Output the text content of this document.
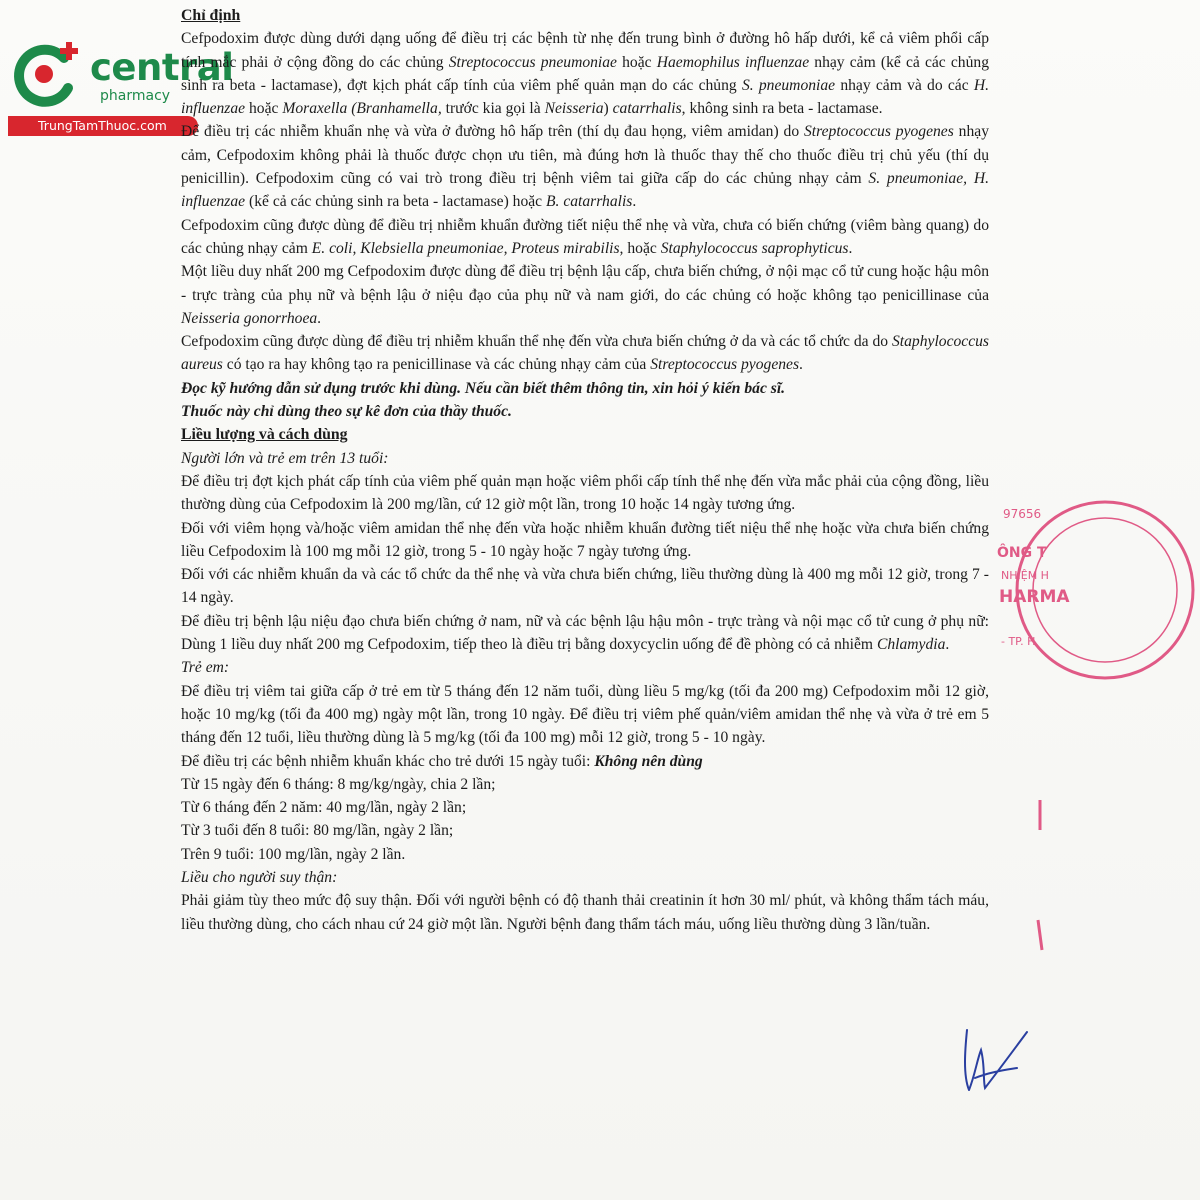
central
pharmacy
TrungTamThuoc.com
Chỉ định

Cefpodoxim được dùng dưới dạng uống để điều trị các bệnh từ nhẹ đến trung bình ở đường hô hấp dưới, kể cả viêm phổi cấp tính mắc phải ở cộng đồng do các chủng Streptococcus pneumoniae hoặc Haemophilus influenzae nhạy cảm (kể cả các chủng sinh ra beta - lactamase), đợt kịch phát cấp tính của viêm phế quản mạn do các chủng S. pneumoniae nhạy cảm và do các H. influenzae hoặc Moraxella (Branhamella, trước kia gọi là Neisseria) catarrhalis, không sinh ra beta - lactamase.

Để điều trị các nhiễm khuẩn nhẹ và vừa ở đường hô hấp trên (thí dụ đau họng, viêm amidan) do Streptococcus pyogenes nhạy cảm, Cefpodoxim không phải là thuốc được chọn ưu tiên, mà đúng hơn là thuốc thay thế cho thuốc điều trị chủ yếu (thí dụ penicillin). Cefpodoxim cũng có vai trò trong điều trị bệnh viêm tai giữa cấp do các chủng nhạy cảm S. pneumoniae, H. influenzae (kể cả các chủng sinh ra beta - lactamase) hoặc B. catarrhalis.

Cefpodoxim cũng được dùng để điều trị nhiễm khuẩn đường tiết niệu thể nhẹ và vừa, chưa có biến chứng (viêm bàng quang) do các chủng nhạy cảm E. coli, Klebsiella pneumoniae, Proteus mirabilis, hoặc Staphylococcus saprophyticus.

Một liều duy nhất 200 mg Cefpodoxim được dùng để điều trị bệnh lậu cấp, chưa biến chứng, ở nội mạc cổ tử cung hoặc hậu môn - trực tràng của phụ nữ và bệnh lậu ở niệu đạo của phụ nữ và nam giới, do các chủng có hoặc không tạo penicillinase của Neisseria gonorrhoea.

Cefpodoxim cũng được dùng để điều trị nhiễm khuẩn thể nhẹ đến vừa chưa biến chứng ở da và các tổ chức da do Staphylococcus aureus có tạo ra hay không tạo ra penicillinase và các chủng nhạy cảm của Streptococcus pyogenes.

Đọc kỹ hướng dẫn sử dụng trước khi dùng. Nếu cần biết thêm thông tin, xin hỏi ý kiến bác sĩ.

Thuốc này chỉ dùng theo sự kê đơn của thầy thuốc.

Liều lượng và cách dùng

Người lớn và trẻ em trên 13 tuổi:

Để điều trị đợt kịch phát cấp tính của viêm phế quản mạn hoặc viêm phổi cấp tính thể nhẹ đến vừa mắc phải của cộng đồng, liều thường dùng của Cefpodoxim là 200 mg/lần, cứ 12 giờ một lần, trong 10 hoặc 14 ngày tương ứng.

Đối với viêm họng và/hoặc viêm amidan thể nhẹ đến vừa hoặc nhiễm khuẩn đường tiết niệu thể nhẹ hoặc vừa chưa biến chứng liều Cefpodoxim là 100 mg mỗi 12 giờ, trong 5 - 10 ngày hoặc 7 ngày tương ứng.

Đối với các nhiễm khuẩn da và các tổ chức da thể nhẹ và vừa chưa biến chứng, liều thường dùng là 400 mg mỗi 12 giờ, trong 7 - 14 ngày.

Để điều trị bệnh lậu niệu đạo chưa biến chứng ở nam, nữ và các bệnh lậu hậu môn - trực tràng và nội mạc cổ tử cung ở phụ nữ: Dùng 1 liều duy nhất 200 mg Cefpodoxim, tiếp theo là điều trị bằng doxycyclin uống để đề phòng có cả nhiễm Chlamydia.

Trẻ em:

Để điều trị viêm tai giữa cấp ở trẻ em từ 5 tháng đến 12 năm tuổi, dùng liều 5 mg/kg (tối đa 200 mg) Cefpodoxim mỗi 12 giờ, hoặc 10 mg/kg (tối đa 400 mg) ngày một lần, trong 10 ngày. Để điều trị viêm phế quản/viêm amidan thể nhẹ và vừa ở trẻ em 5 tháng đến 12 tuổi, liều thường dùng là 5 mg/kg (tối đa 100 mg) mỗi 12 giờ, trong 5 - 10 ngày.

Để điều trị các bệnh nhiễm khuẩn khác cho trẻ dưới 15 ngày tuổi: Không nên dùng

Từ 15 ngày đến 6 tháng: 8 mg/kg/ngày, chia 2 lần;

Từ 6 tháng đến 2 năm: 40 mg/lần, ngày 2 lần;

Từ 3 tuổi đến 8 tuổi: 80 mg/lần, ngày 2 lần;

Trên 9 tuổi: 100 mg/lần, ngày 2 lần.

Liều cho người suy thận:

Phải giảm tùy theo mức độ suy thận. Đối với người bệnh có độ thanh thải creatinin ít hơn 30 ml/ phút, và không thẩm tách máu, liều thường dùng, cho cách nhau cứ 24 giờ một lần. Người bệnh đang thẩm tách máu, uống liều thường dùng 3 lần/tuần.

97656
ÔNG T
NHIỆM H
HARMA
- TP. H
